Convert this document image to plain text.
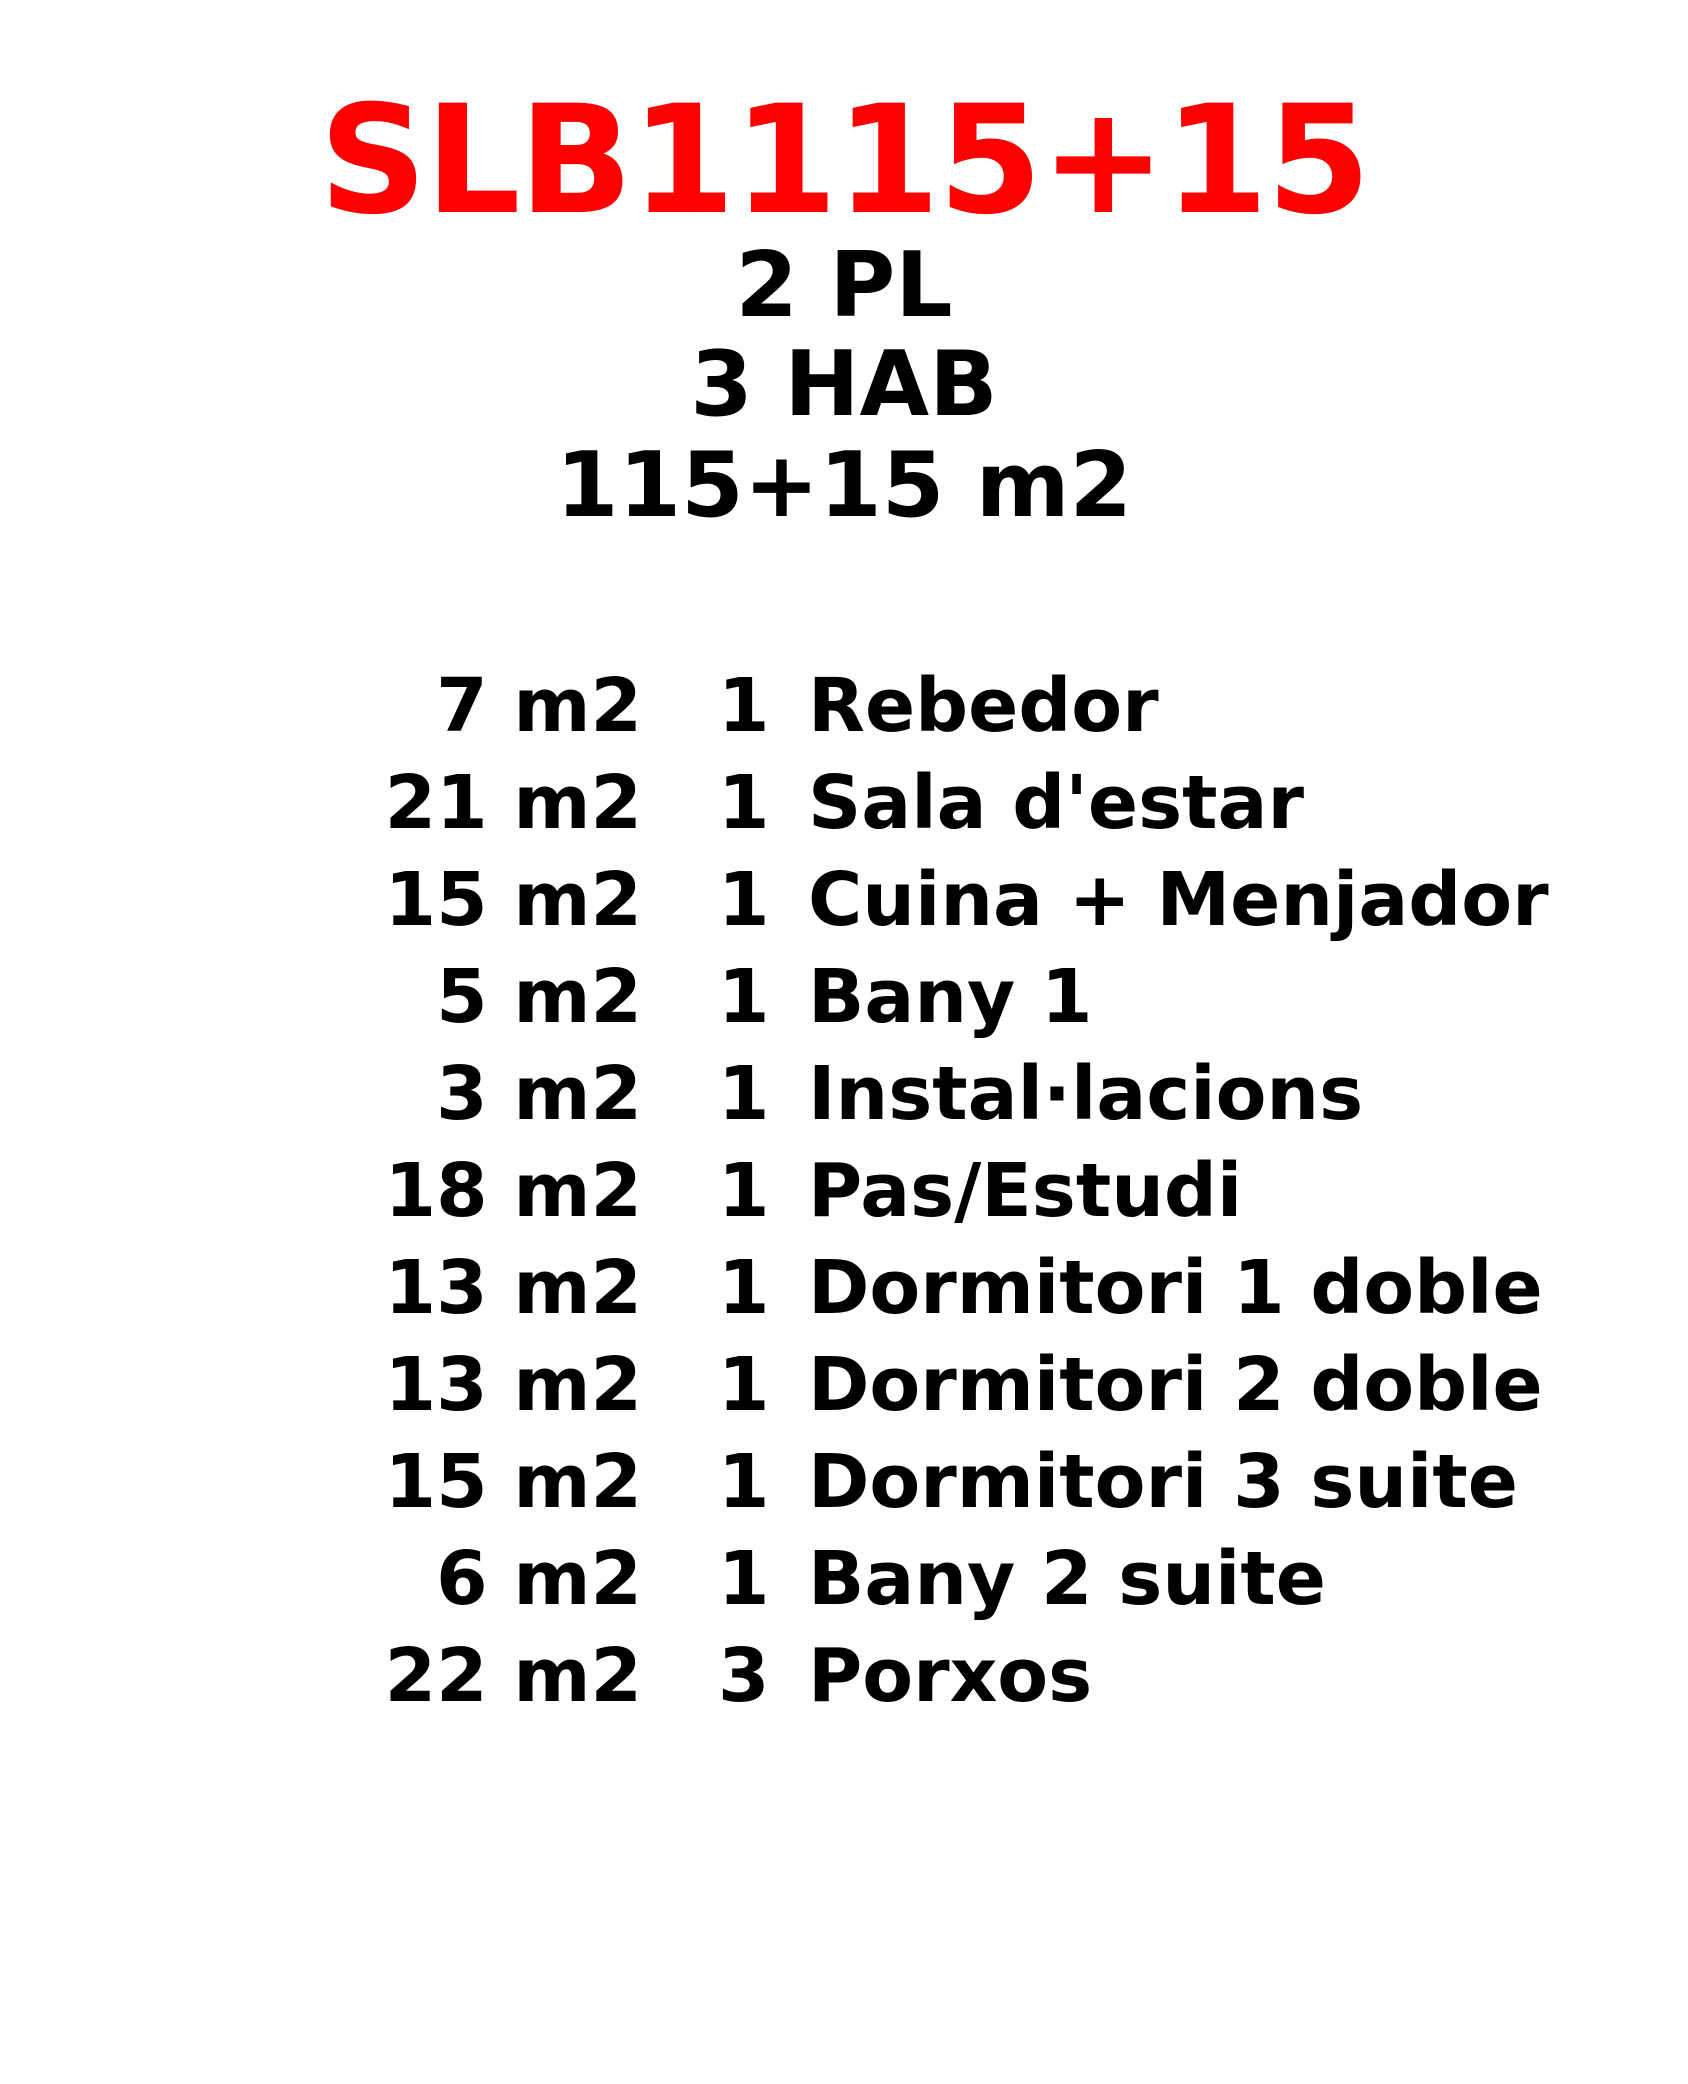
SLB1115+15
2 PL
3 HAB
115+15 m2
7 m2 1 Rebedor
21 m2 1 Sala d'estar
15 m2 1 Cuina + Menjador
5 m2 1 Bany 1
3 m2 1 Instal·lacions
18 m2 1 Pas/Estudi
13 m2 1 Dormitori 1 doble
13 m2 1 Dormitori 2 doble
15 m2 1 Dormitori 3 suite
6 m2 1 Bany 2 suite
22 m2 3 Porxos
